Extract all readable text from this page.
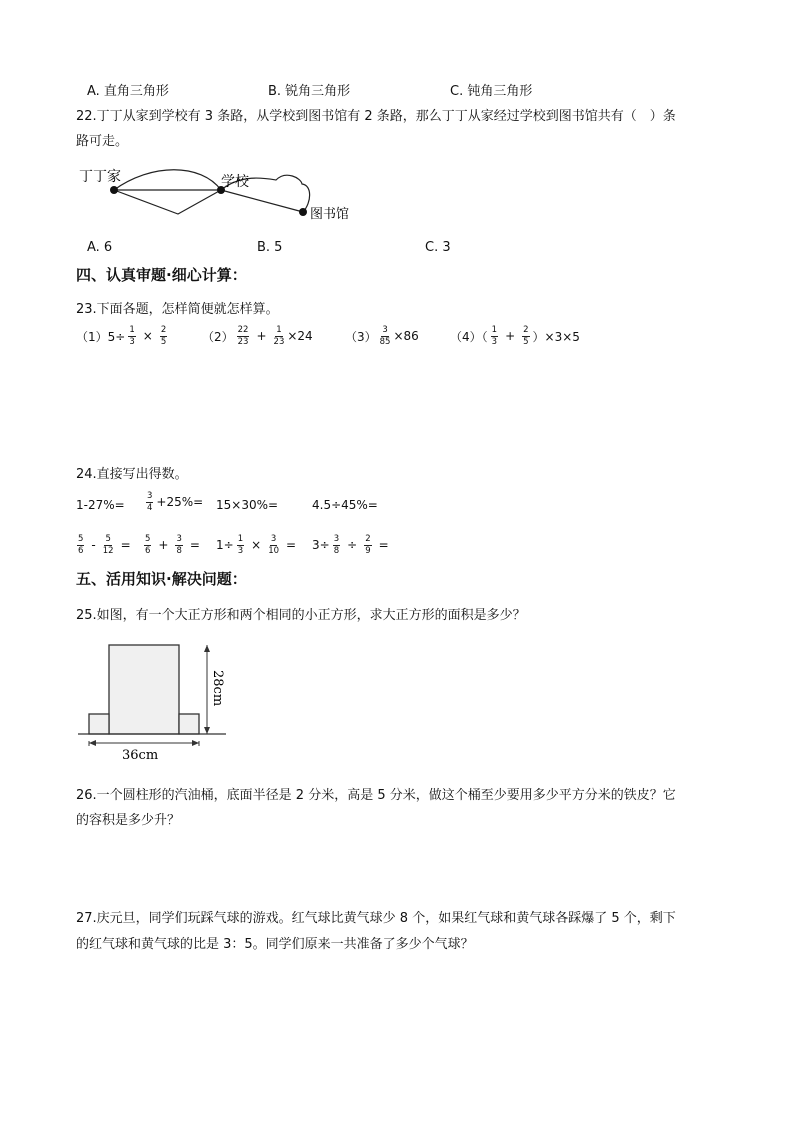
A. 直角三角形	B. 锐角三角形	C. 钝角三角形
22.丁丁从家到学校有 3 条路，从学校到图书馆有 2 条路，那么丁丁从家经过学校到图书馆共有（　）条
路可走。
丁丁家	学校
图书馆
A. 6	B. 5	C. 3
四、认真审题·细心计算：
23.下面各题，怎样简便就怎样算。
$(1)5\div \frac{1}{3} \times \frac{2}{5}$	$(2) \frac{22}{23} + \frac{1}{23} \times 24$	$(3) \frac{3}{85} \times 86$	$(4)( \frac{1}{3} + \frac{2}{5} )\times 3\times 5$
24.直接写出得数。
1-27%=	$\frac{3}{4} +25\%= 15\times 30\%=$	4.5÷45%=
$\frac{5}{6} - \frac{5}{12} = \frac{5}{6} + \frac{3}{8} = 1\div \frac{1}{3} \times \frac{3}{10} = 3\div \frac{3}{8} \div \frac{2}{9}$ =
五、活用知识·解决问题：
25.如图，有一个大正方形和两个相同的小正方形，求大正方形的面积是多少？
28cm
36cm
26.一个圆柱形的汽油桶，底面半径是 2 分米，高是 5 分米，做这个桶至少要用多少平方分米的铁皮？它
的容积是多少升？
27.庆元旦，同学们玩踩气球的游戏。红气球比黄气球少 8 个，如果红气球和黄气球各踩爆了 5 个，剩下
的红气球和黄气球的比是 3：5。同学们原来一共准备了多少个气球？
